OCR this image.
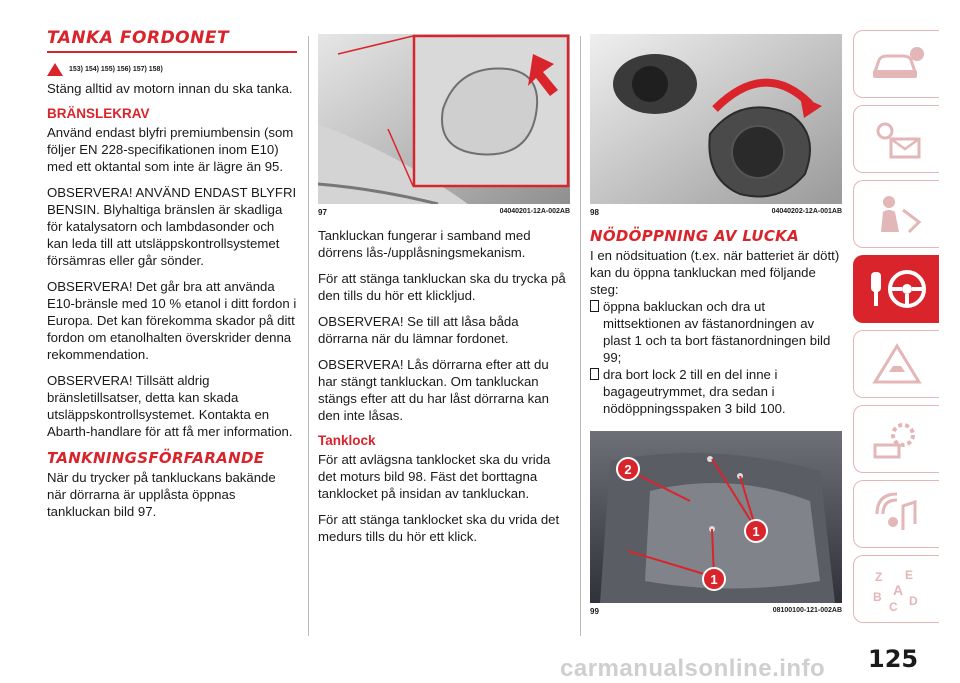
TANKA FORDONET
153) 154) 155) 156) 157) 158)

Stäng alltid av motorn innan du ska tanka.

BRÄNSLEKRAV

Använd endast blyfri premiumbensin (som följer EN 228-specifikationen inom E10) med ett oktantal som inte är lägre än 95.

OBSERVERA! ANVÄND ENDAST BLYFRI BENSIN. Blyhaltiga bränslen är skadliga för katalysatorn och lambdasonder och kan leda till att utsläppskontrollsystemet försämras eller går sönder.

OBSERVERA! Det går bra att använda E10-bränsle med 10 % etanol i ditt fordon i Europa. Det kan förekomma skador på ditt fordon om etanolhalten överskrider denna rekommendation.

OBSERVERA! Tillsätt aldrig bränsletillsatser, detta kan skada utsläppskontrollsystemet. Kontakta en Abarth-handlare för att få mer information.

TANKNINGSFÖRFARANDE

När du trycker på tankluckans bakände när dörrarna är upplåsta öppnas tankluckan bild 97.

97	04040201-12A-002AB

Tankluckan fungerar i samband med dörrens lås-/upplåsningsmekanism.

För att stänga tankluckan ska du trycka på den tills du hör ett klickljud.

OBSERVERA! Se till att låsa båda dörrarna när du lämnar fordonet.

OBSERVERA! Lås dörrarna efter att du har stängt tankluckan. Om tankluckan stängs efter att du har låst dörrarna kan den inte låsas.

Tanklock

För att avlägsna tanklocket ska du vrida det moturs bild 98. Fäst det borttagna tanklocket på insidan av tankluckan.

För att stänga tanklocket ska du vrida det medurs tills du hör ett klick.

98	04040202-12A-001AB
NÖDÖPPNING AV LUCKA

I en nödsituation (t.ex. när batteriet är dött) kan du öppna tankluckan med följande steg:

öppna bakluckan och dra ut mittsektionen av fästanordningen av plast 1 och ta bort fästanordningen bild 99;

dra bort lock 2 till en del inne i bagageutrymmet, dra sedan i nödöppningsspaken 3 bild 100.

1
1
2
99	08100100-121-002AB
Z E
B A
D
C
carmanualsonline.info 125
